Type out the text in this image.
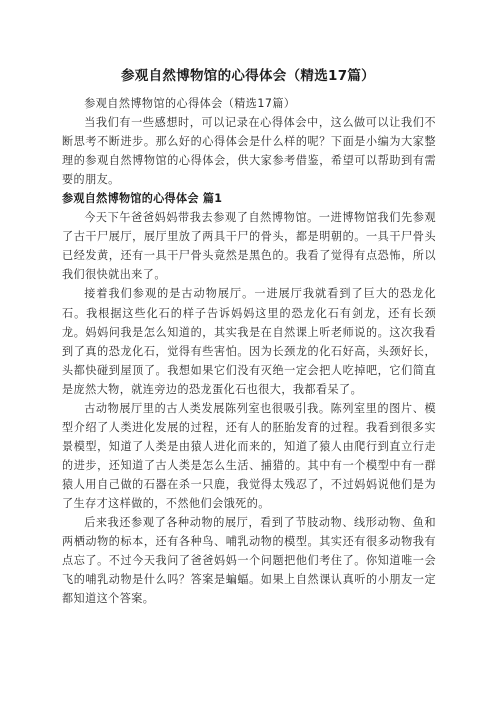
参观自然博物馆的心得体会（精选17篇）

参观自然博物馆的心得体会（精选17篇）

当我们有一些感想时，可以记录在心得体会中，这么做可以让我们不断思考不断进步。那么好的心得体会是什么样的呢？下面是小编为大家整理的参观自然博物馆的心得体会，供大家参考借鉴，希望可以帮助到有需要的朋友。

参观自然博物馆的心得体会 篇1

今天下午爸爸妈妈带我去参观了自然博物馆。一进博物馆我们先参观了古干尸展厅，展厅里放了两具干尸的骨头，都是明朝的。一具干尸骨头已经发黄，还有一具干尸骨头竟然是黑色的。我看了觉得有点恐怖，所以我们很快就出来了。

接着我们参观的是古动物展厅。一进展厅我就看到了巨大的恐龙化石。我根据这些化石的样子告诉妈妈这里的恐龙化石有剑龙，还有长颈龙。妈妈问我是怎么知道的，其实我是在自然课上听老师说的。这次我看到了真的恐龙化石，觉得有些害怕。因为长颈龙的化石好高，头颈好长，头都快碰到屋顶了。我想如果它们没有灭绝一定会把人吃掉吧，它们简直是庞然大物，就连旁边的恐龙蛋化石也很大，我都看呆了。

古动物展厅里的古人类发展陈列室也很吸引我。陈列室里的图片、模型介绍了人类进化发展的过程，还有人的胚胎发育的过程。我看到很多实景模型，知道了人类是由猿人进化而来的，知道了猿人由爬行到直立行走的进步，还知道了古人类是怎么生活、捕猎的。其中有一个模型中有一群猿人用自己做的石器在杀一只鹿，我觉得太残忍了，不过妈妈说他们是为了生存才这样做的，不然他们会饿死的。

后来我还参观了各种动物的展厅，看到了节肢动物、线形动物、鱼和两栖动物的标本，还有各种鸟、哺乳动物的模型。其实还有很多动物我有点忘了。不过今天我问了爸爸妈妈一个问题把他们考住了。你知道唯一会飞的哺乳动物是什么吗？答案是蝙蝠。如果上自然课认真听的小朋友一定都知道这个答案。
